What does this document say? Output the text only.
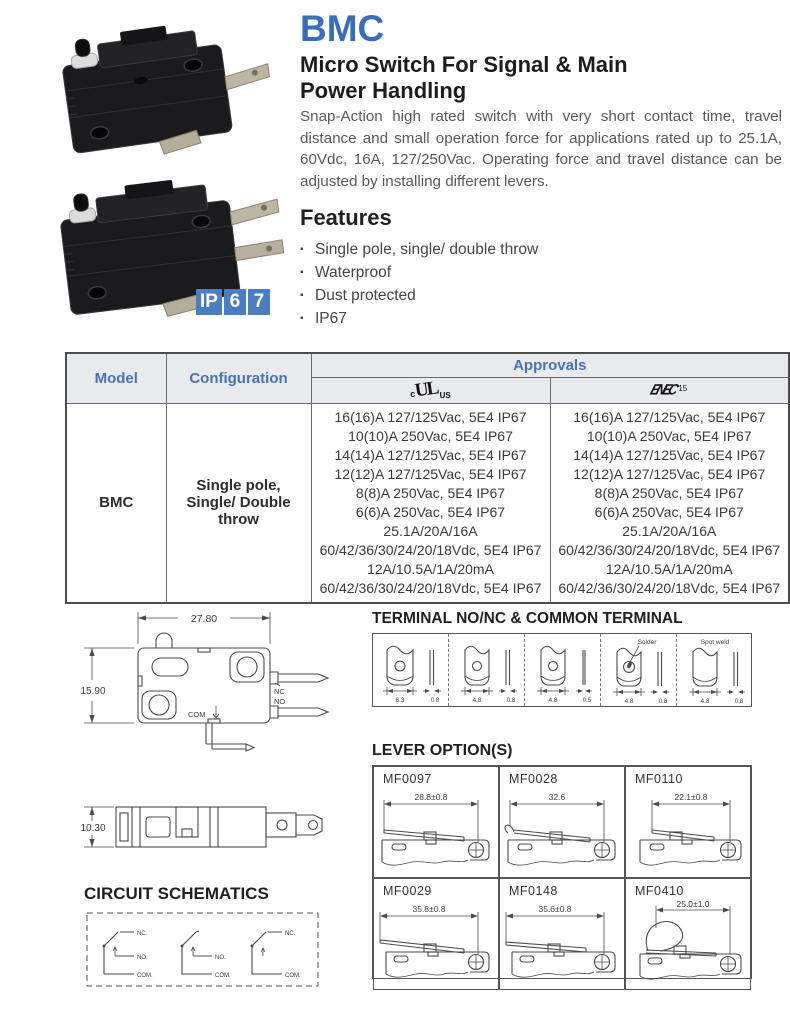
IP 6 7
BMC
Micro Switch For Signal & Main Power Handling
Snap-Action high rated switch with very short contact time, travel distance and small operation force for applications rated up to 25.1A, 60Vdc, 16A, 127/250Vac. Operating force and travel distance can be adjusted by installing different levers.
Features
▪ Single pole, single/ double throw
▪ Waterproof
▪ Dust protected
▪ IP67
Model	Configuration	Approvals	

		c
UL US	ENEC 15

BMC	Single pole, Single/ Double throw	
16(16)A 127/125Vac, 5E4 IP67
10(10)A 250Vac, 5E4 IP67
14(14)A 127/125Vac, 5E4 IP67
12(12)A 127/125Vac, 5E4 IP67
8(8)A 250Vac, 5E4 IP67
6(6)A 250Vac, 5E4 IP67
25.1A/20A/16A
60/42/36/30/24/20/18Vdc, 5E4 IP67
12A/10.5A/1A/20mA
60/42/36/30/24/20/18Vdc, 5E4 IP67

16(16)A 127/125Vac, 5E4 IP67
10(10)A 250Vac, 5E4 IP67
14(14)A 127/125Vac, 5E4 IP67
12(12)A 127/125Vac, 5E4 IP67
8(8)A 250Vac, 5E4 IP67
6(6)A 250Vac, 5E4 IP67
25.1A/20A/16A
60/42/36/30/24/20/18Vdc, 5E4 IP67
12A/10.5A/1A/20mA
60/42/36/30/24/20/18Vdc, 5E4 IP67
27.80
15.90	NC
NO
COM
10.30
CIRCUIT SCHEMATICS
NC.
NO.
COM.
NO.
COM.
NC.
COM.
TERMINAL NO/NC & COMMON TERMINAL
6.3	0.8	4.8	0.8	4.8	0.5
Solder
4.8	0.8
Spot weld
4.8	0.8
LEVER OPTION(S)
MF0097
28.8±0.8
MF0028
32.6
MF0110
22.1±0.8
MF0029
35.8±0.8
MF0148
35.6±0.8
MF0410
25.0±1.0
